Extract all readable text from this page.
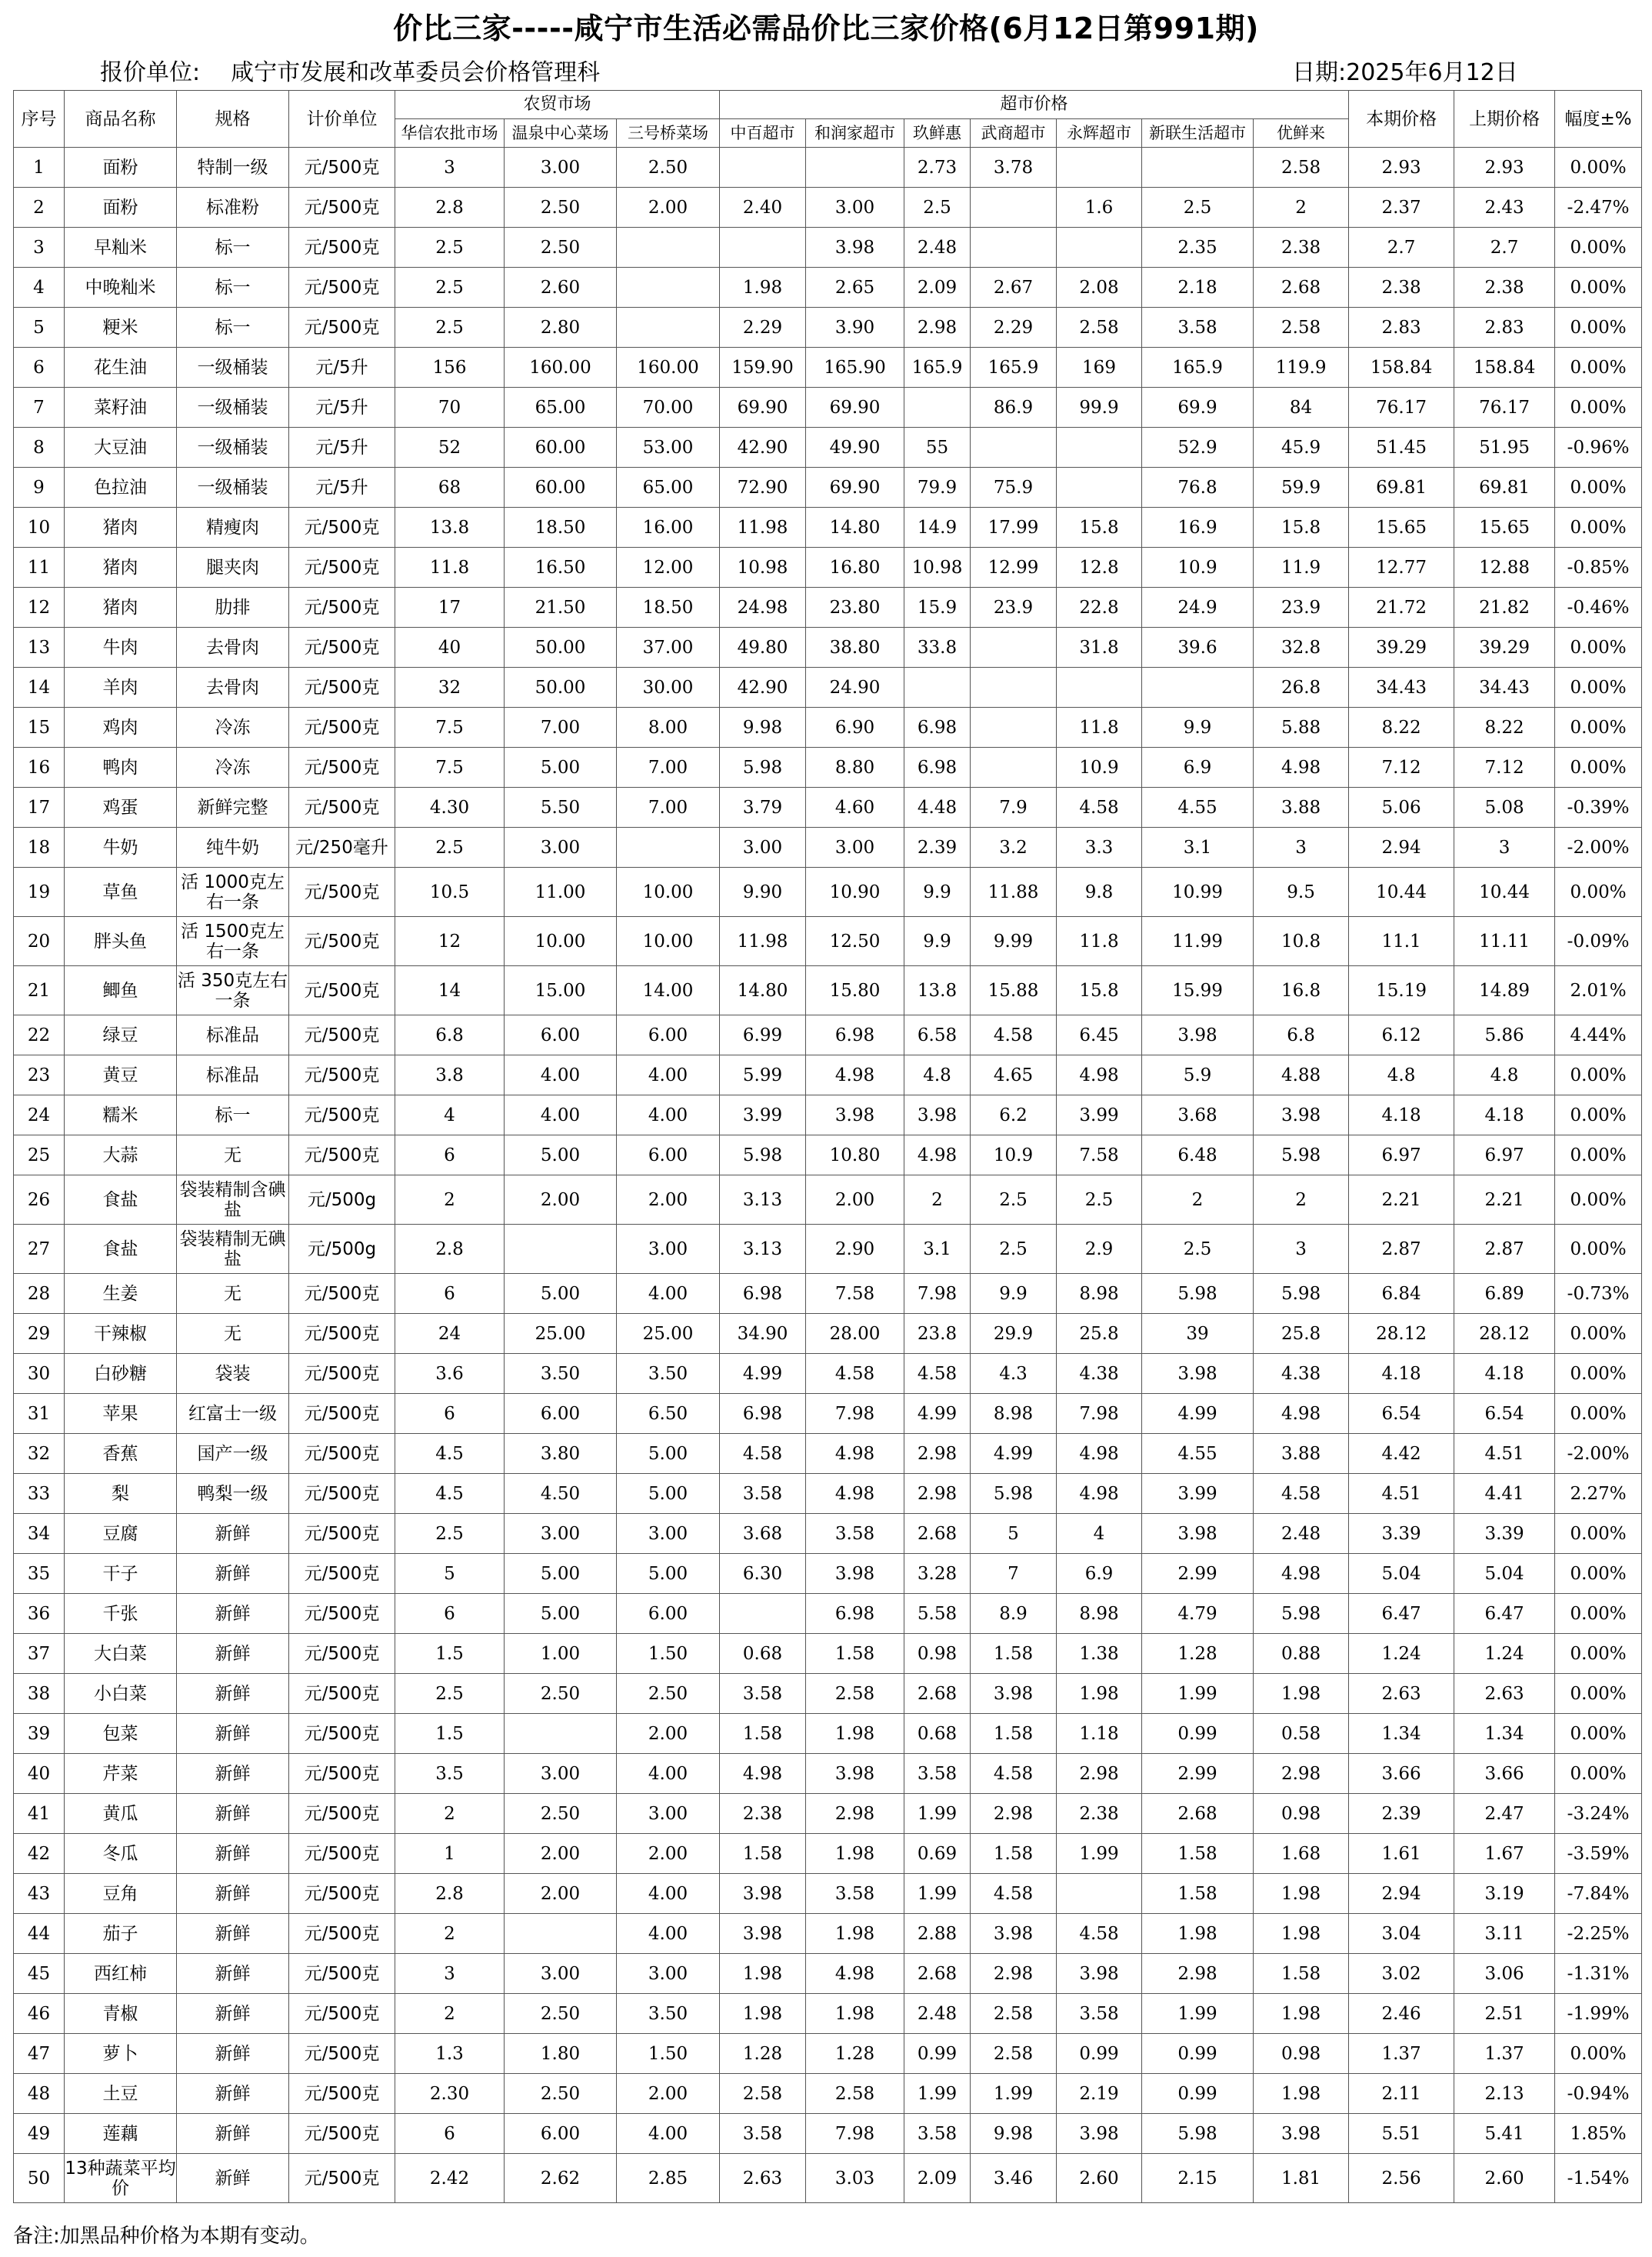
价比三家-----咸宁市生活必需品价比三家价格(6月12日第991期)
报价单位: 咸宁市发展和改革委员会价格管理科	日期:2025年6月12日
序号	商品名称	规格	计价单位	农贸市场			超市价格							本期价格	上期价格	幅度±%
				华信农批市场	温泉中心菜场	三号桥菜场	中百超市	和润家超市	玖鲜惠	武商超市	永辉超市	新联生活超市	优鲜来			
1	面粉	特制一级	元/500克	3	3.00	2.50			2.73	3.78			2.58	2.93	2.93	0.00%
2	面粉	标准粉	元/500克	2.8	2.50	2.00	2.40	3.00	2.5		1.6	2.5	2	2.37	2.43	-2.47%
3	早籼米	标一	元/500克	2.5	2.50			3.98	2.48			2.35	2.38	2.7	2.7	0.00%
4	中晚籼米	标一	元/500克	2.5	2.60		1.98	2.65	2.09	2.67	2.08	2.18	2.68	2.38	2.38	0.00%
5	粳米	标一	元/500克	2.5	2.80		2.29	3.90	2.98	2.29	2.58	3.58	2.58	2.83	2.83	0.00%
6	花生油	一级桶装	元/5升	156	160.00	160.00	159.90	165.90	165.9	165.9	169	165.9	119.9	158.84	158.84	0.00%
7	菜籽油	一级桶装	元/5升	70	65.00	70.00	69.90	69.90		86.9	99.9	69.9	84	76.17	76.17	0.00%
8	大豆油	一级桶装	元/5升	52	60.00	53.00	42.90	49.90	55			52.9	45.9	51.45	51.95	-0.96%
9	色拉油	一级桶装	元/5升	68	60.00	65.00	72.90	69.90	79.9	75.9		76.8	59.9	69.81	69.81	0.00%
10	猪肉	精瘦肉	元/500克	13.8	18.50	16.00	11.98	14.80	14.9	17.99	15.8	16.9	15.8	15.65	15.65	0.00%
11	猪肉	腿夹肉	元/500克	11.8	16.50	12.00	10.98	16.80	10.98	12.99	12.8	10.9	11.9	12.77	12.88	-0.85%
12	猪肉	肋排	元/500克	17	21.50	18.50	24.98	23.80	15.9	23.9	22.8	24.9	23.9	21.72	21.82	-0.46%
13	牛肉	去骨肉	元/500克	40	50.00	37.00	49.80	38.80	33.8		31.8	39.6	32.8	39.29	39.29	0.00%
14	羊肉	去骨肉	元/500克	32	50.00	30.00	42.90	24.90					26.8	34.43	34.43	0.00%
15	鸡肉	冷冻	元/500克	7.5	7.00	8.00	9.98	6.90	6.98		11.8	9.9	5.88	8.22	8.22	0.00%
16	鸭肉	冷冻	元/500克	7.5	5.00	7.00	5.98	8.80	6.98		10.9	6.9	4.98	7.12	7.12	0.00%
17	鸡蛋	新鲜完整	元/500克	4.30	5.50	7.00	3.79	4.60	4.48	7.9	4.58	4.55	3.88	5.06	5.08	-0.39%
18	牛奶	纯牛奶	元/250毫升	2.5	3.00		3.00	3.00	2.39	3.2	3.3	3.1	3	2.94	3	-2.00%
19	草鱼	活 1000克左右一条	元/500克	10.5	11.00	10.00	9.90	10.90	9.9	11.88	9.8	10.99	9.5	10.44	10.44	0.00%
20	胖头鱼	活 1500克左右一条	元/500克	12	10.00	10.00	11.98	12.50	9.9	9.99	11.8	11.99	10.8	11.1	11.11	-0.09%
21	鲫鱼	活 350克左右一条	元/500克	14	15.00	14.00	14.80	15.80	13.8	15.88	15.8	15.99	16.8	15.19	14.89	2.01%
22	绿豆	标准品	元/500克	6.8	6.00	6.00	6.99	6.98	6.58	4.58	6.45	3.98	6.8	6.12	5.86	4.44%
23	黄豆	标准品	元/500克	3.8	4.00	4.00	5.99	4.98	4.8	4.65	4.98	5.9	4.88	4.8	4.8	0.00%
24	糯米	标一	元/500克	4	4.00	4.00	3.99	3.98	3.98	6.2	3.99	3.68	3.98	4.18	4.18	0.00%
25	大蒜	无	元/500克	6	5.00	6.00	5.98	10.80	4.98	10.9	7.58	6.48	5.98	6.97	6.97	0.00%
26	食盐	袋装精制含碘盐	元/500g	2	2.00	2.00	3.13	2.00	2	2.5	2.5	2	2	2.21	2.21	0.00%
27	食盐	袋装精制无碘盐	元/500g	2.8		3.00	3.13	2.90	3.1	2.5	2.9	2.5	3	2.87	2.87	0.00%
28	生姜	无	元/500克	6	5.00	4.00	6.98	7.58	7.98	9.9	8.98	5.98	5.98	6.84	6.89	-0.73%
29	干辣椒	无	元/500克	24	25.00	25.00	34.90	28.00	23.8	29.9	25.8	39	25.8	28.12	28.12	0.00%
30	白砂糖	袋装	元/500克	3.6	3.50	3.50	4.99	4.58	4.58	4.3	4.38	3.98	4.38	4.18	4.18	0.00%
31	苹果	红富士一级	元/500克	6	6.00	6.50	6.98	7.98	4.99	8.98	7.98	4.99	4.98	6.54	6.54	0.00%
32	香蕉	国产一级	元/500克	4.5	3.80	5.00	4.58	4.98	2.98	4.99	4.98	4.55	3.88	4.42	4.51	-2.00%
33	梨	鸭梨一级	元/500克	4.5	4.50	5.00	3.58	4.98	2.98	5.98	4.98	3.99	4.58	4.51	4.41	2.27%
34	豆腐	新鲜	元/500克	2.5	3.00	3.00	3.68	3.58	2.68	5	4	3.98	2.48	3.39	3.39	0.00%
35	干子	新鲜	元/500克	5	5.00	5.00	6.30	3.98	3.28	7	6.9	2.99	4.98	5.04	5.04	0.00%
36	千张	新鲜	元/500克	6	5.00	6.00		6.98	5.58	8.9	8.98	4.79	5.98	6.47	6.47	0.00%
37	大白菜	新鲜	元/500克	1.5	1.00	1.50	0.68	1.58	0.98	1.58	1.38	1.28	0.88	1.24	1.24	0.00%
38	小白菜	新鲜	元/500克	2.5	2.50	2.50	3.58	2.58	2.68	3.98	1.98	1.99	1.98	2.63	2.63	0.00%
39	包菜	新鲜	元/500克	1.5		2.00	1.58	1.98	0.68	1.58	1.18	0.99	0.58	1.34	1.34	0.00%
40	芹菜	新鲜	元/500克	3.5	3.00	4.00	4.98	3.98	3.58	4.58	2.98	2.99	2.98	3.66	3.66	0.00%
41	黄瓜	新鲜	元/500克	2	2.50	3.00	2.38	2.98	1.99	2.98	2.38	2.68	0.98	2.39	2.47	-3.24%
42	冬瓜	新鲜	元/500克	1	2.00	2.00	1.58	1.98	0.69	1.58	1.99	1.58	1.68	1.61	1.67	-3.59%
43	豆角	新鲜	元/500克	2.8	2.00	4.00	3.98	3.58	1.99	4.58		1.58	1.98	2.94	3.19	-7.84%
44	茄子	新鲜	元/500克	2		4.00	3.98	1.98	2.88	3.98	4.58	1.98	1.98	3.04	3.11	-2.25%
45	西红柿	新鲜	元/500克	3	3.00	3.00	1.98	4.98	2.68	2.98	3.98	2.98	1.58	3.02	3.06	-1.31%
46	青椒	新鲜	元/500克	2	2.50	3.50	1.98	1.98	2.48	2.58	3.58	1.99	1.98	2.46	2.51	-1.99%
47	萝卜	新鲜	元/500克	1.3	1.80	1.50	1.28	1.28	0.99	2.58	0.99	0.99	0.98	1.37	1.37	0.00%
48	土豆	新鲜	元/500克	2.30	2.50	2.00	2.58	2.58	1.99	1.99	2.19	0.99	1.98	2.11	2.13	-0.94%
49	莲藕	新鲜	元/500克	6	6.00	4.00	3.58	7.98	3.58	9.98	3.98	5.98	3.98	5.51	5.41	1.85%
50	13种蔬菜平均价	新鲜	元/500克	2.42	2.62	2.85	2.63	3.03	2.09	3.46	2.60	2.15	1.81	2.56	2.60	-1.54%
备注:加黑品种价格为本期有变动。
